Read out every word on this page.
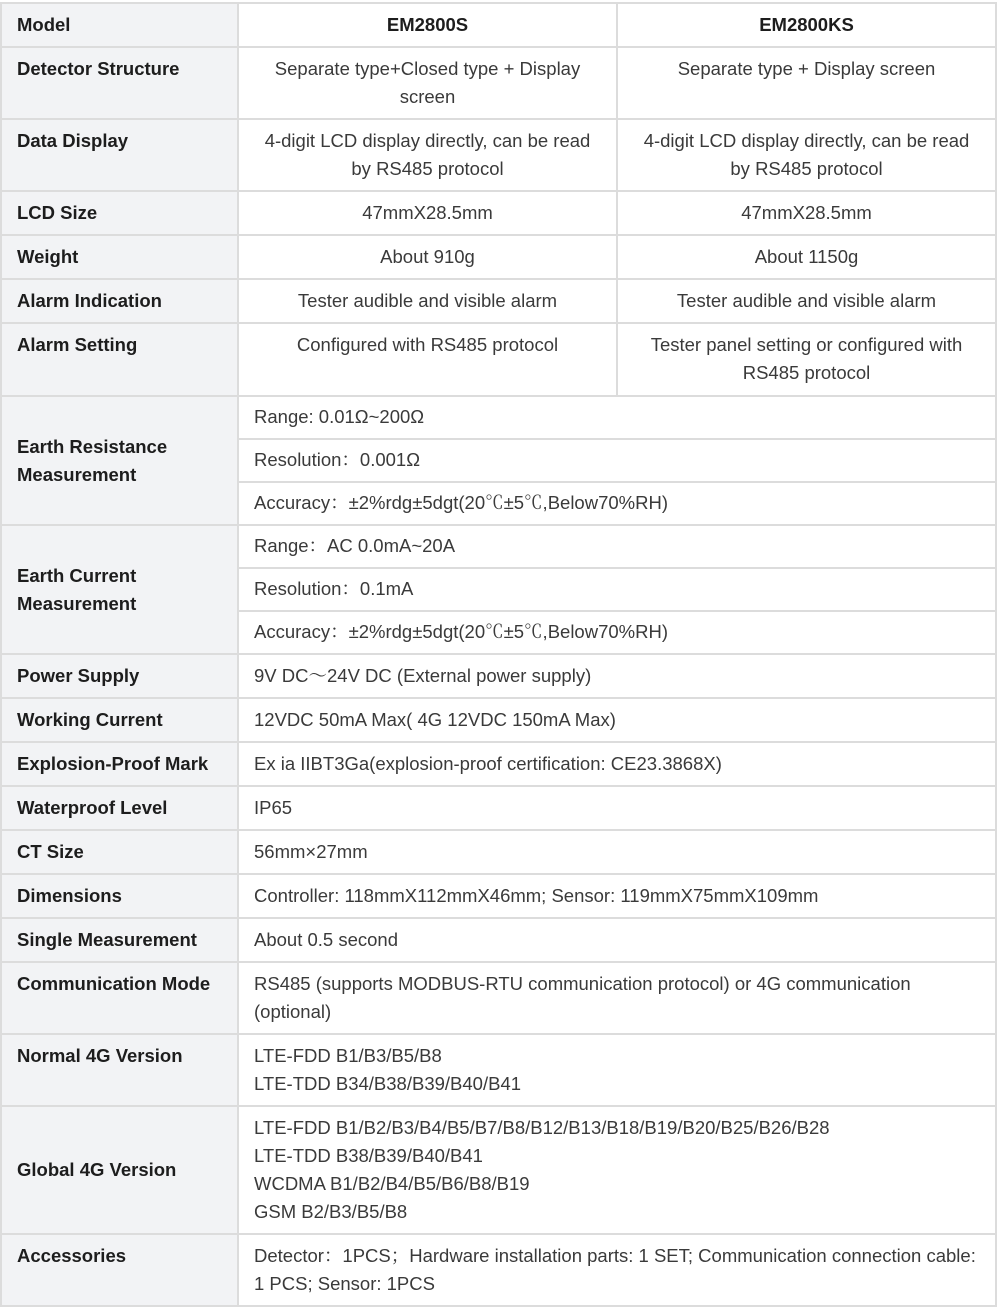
Model	EM2800S	EM2800KS
Detector Structure	Separate type+Closed type + Display screen	Separate type + Display screen
Data Display	4-digit LCD display directly, can be read by RS485 protocol	4-digit LCD display directly, can be read by RS485 protocol
LCD Size	47mmX28.5mm	47mmX28.5mm
Weight	About 910g	About 1150g
Alarm Indication	Tester audible and visible alarm	Tester audible and visible alarm
Alarm Setting	Configured with RS485 protocol	Tester panel setting or configured with RS485 protocol
Earth Resistance Measurement	Range: 0.01Ω~200Ω	
	Resolution：0.001Ω	
	Accuracy：±2%rdg±5dgt(20℃±5℃,Below70%RH)	
Earth Current Measurement	Range：AC 0.0mA~20A	
	Resolution：0.1mA	
	Accuracy：±2%rdg±5dgt(20℃±5℃,Below70%RH)	
Power Supply	9V DC～24V DC (External power supply)	

Working Current	12VDC 50mA Max( 4G 12VDC 150mA Max)	

Explosion-Proof Mark	Ex ia IIBT3Ga(explosion-proof certification: CE23.3868X)	

Waterproof Level	IP65	

CT Size	56mm×27mm	

Dimensions	Controller: 118mmX112mmX46mm; Sensor: 119mmX75mmX109mm	

Single Measurement	About 0.5 second	

Communication Mode	RS485 (supports MODBUS-RTU communication protocol) or 4G communication (optional)	

Normal 4G Version	LTE-FDD B1/B3/B5/B8
LTE-TDD B34/B38/B39/B40/B41	

Global 4G Version	LTE-FDD B1/B2/B3/B4/B5/B7/B8/B12/B13/B18/B19/B20/B25/B26/B28
LTE-TDD B38/B39/B40/B41
WCDMA B1/B2/B4/B5/B6/B8/B19
GSM B2/B3/B5/B8	

Accessories	Detector：1PCS；Hardware installation parts: 1 SET; Communication connection cable: 1 PCS; Sensor: 1PCS	
